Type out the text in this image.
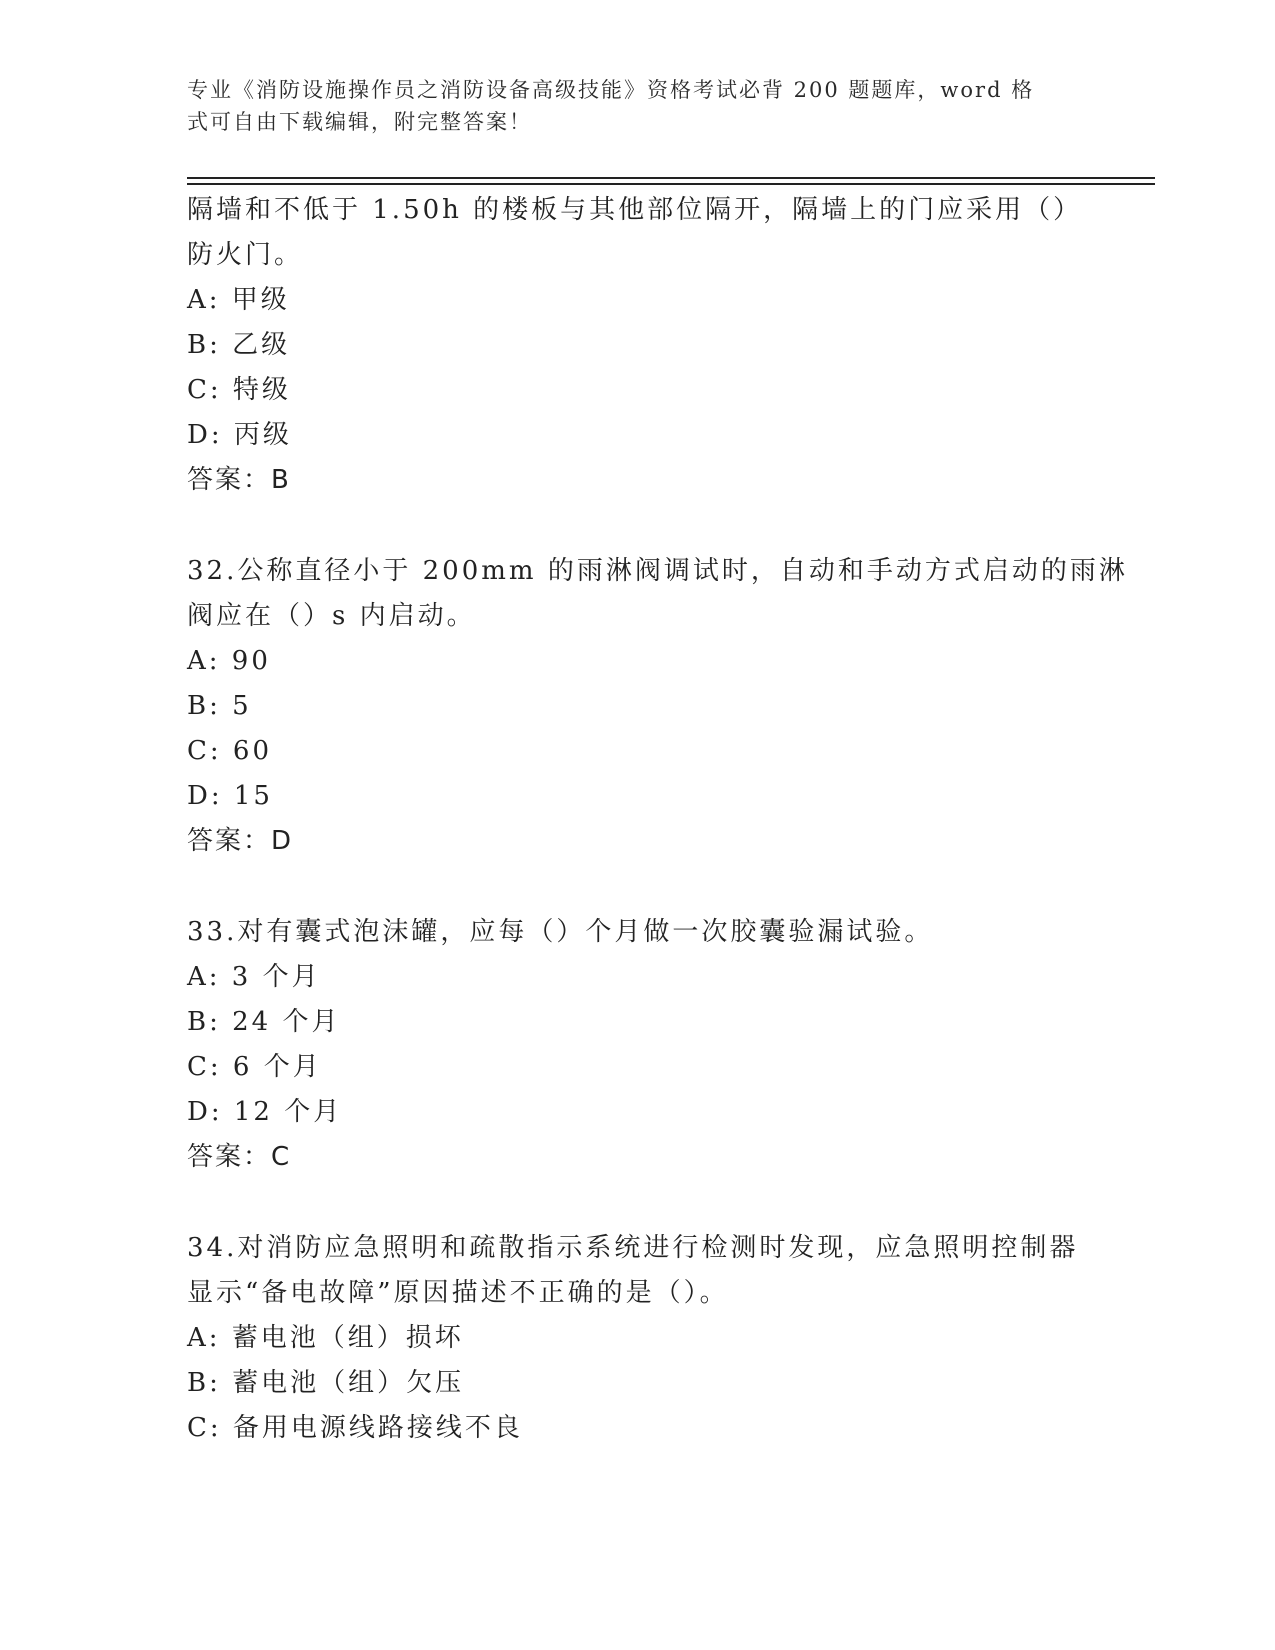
专业《消防设施操作员之消防设备高级技能》资格考试必背 200 题题库，word 格
式可自由下载编辑，附完整答案！
隔墙和不低于 1.50h 的楼板与其他部位隔开，隔墙上的门应采用（）
防火门。
A: 甲级
B: 乙级
C: 特级
D: 丙级
答案：B
32.公称直径小于 200mm 的雨淋阀调试时，自动和手动方式启动的雨淋
阀应在（）s 内启动。
A: 90
B: 5
C: 60
D: 15
答案：D
33.对有囊式泡沫罐，应每（）个月做一次胶囊验漏试验。
A: 3 个月
B: 24 个月
C: 6 个月
D: 12 个月
答案：C
34.对消防应急照明和疏散指示系统进行检测时发现，应急照明控制器
显示“备电故障”原因描述不正确的是（）。
A: 蓄电池（组）损坏
B: 蓄电池（组）欠压
C: 备用电源线路接线不良
